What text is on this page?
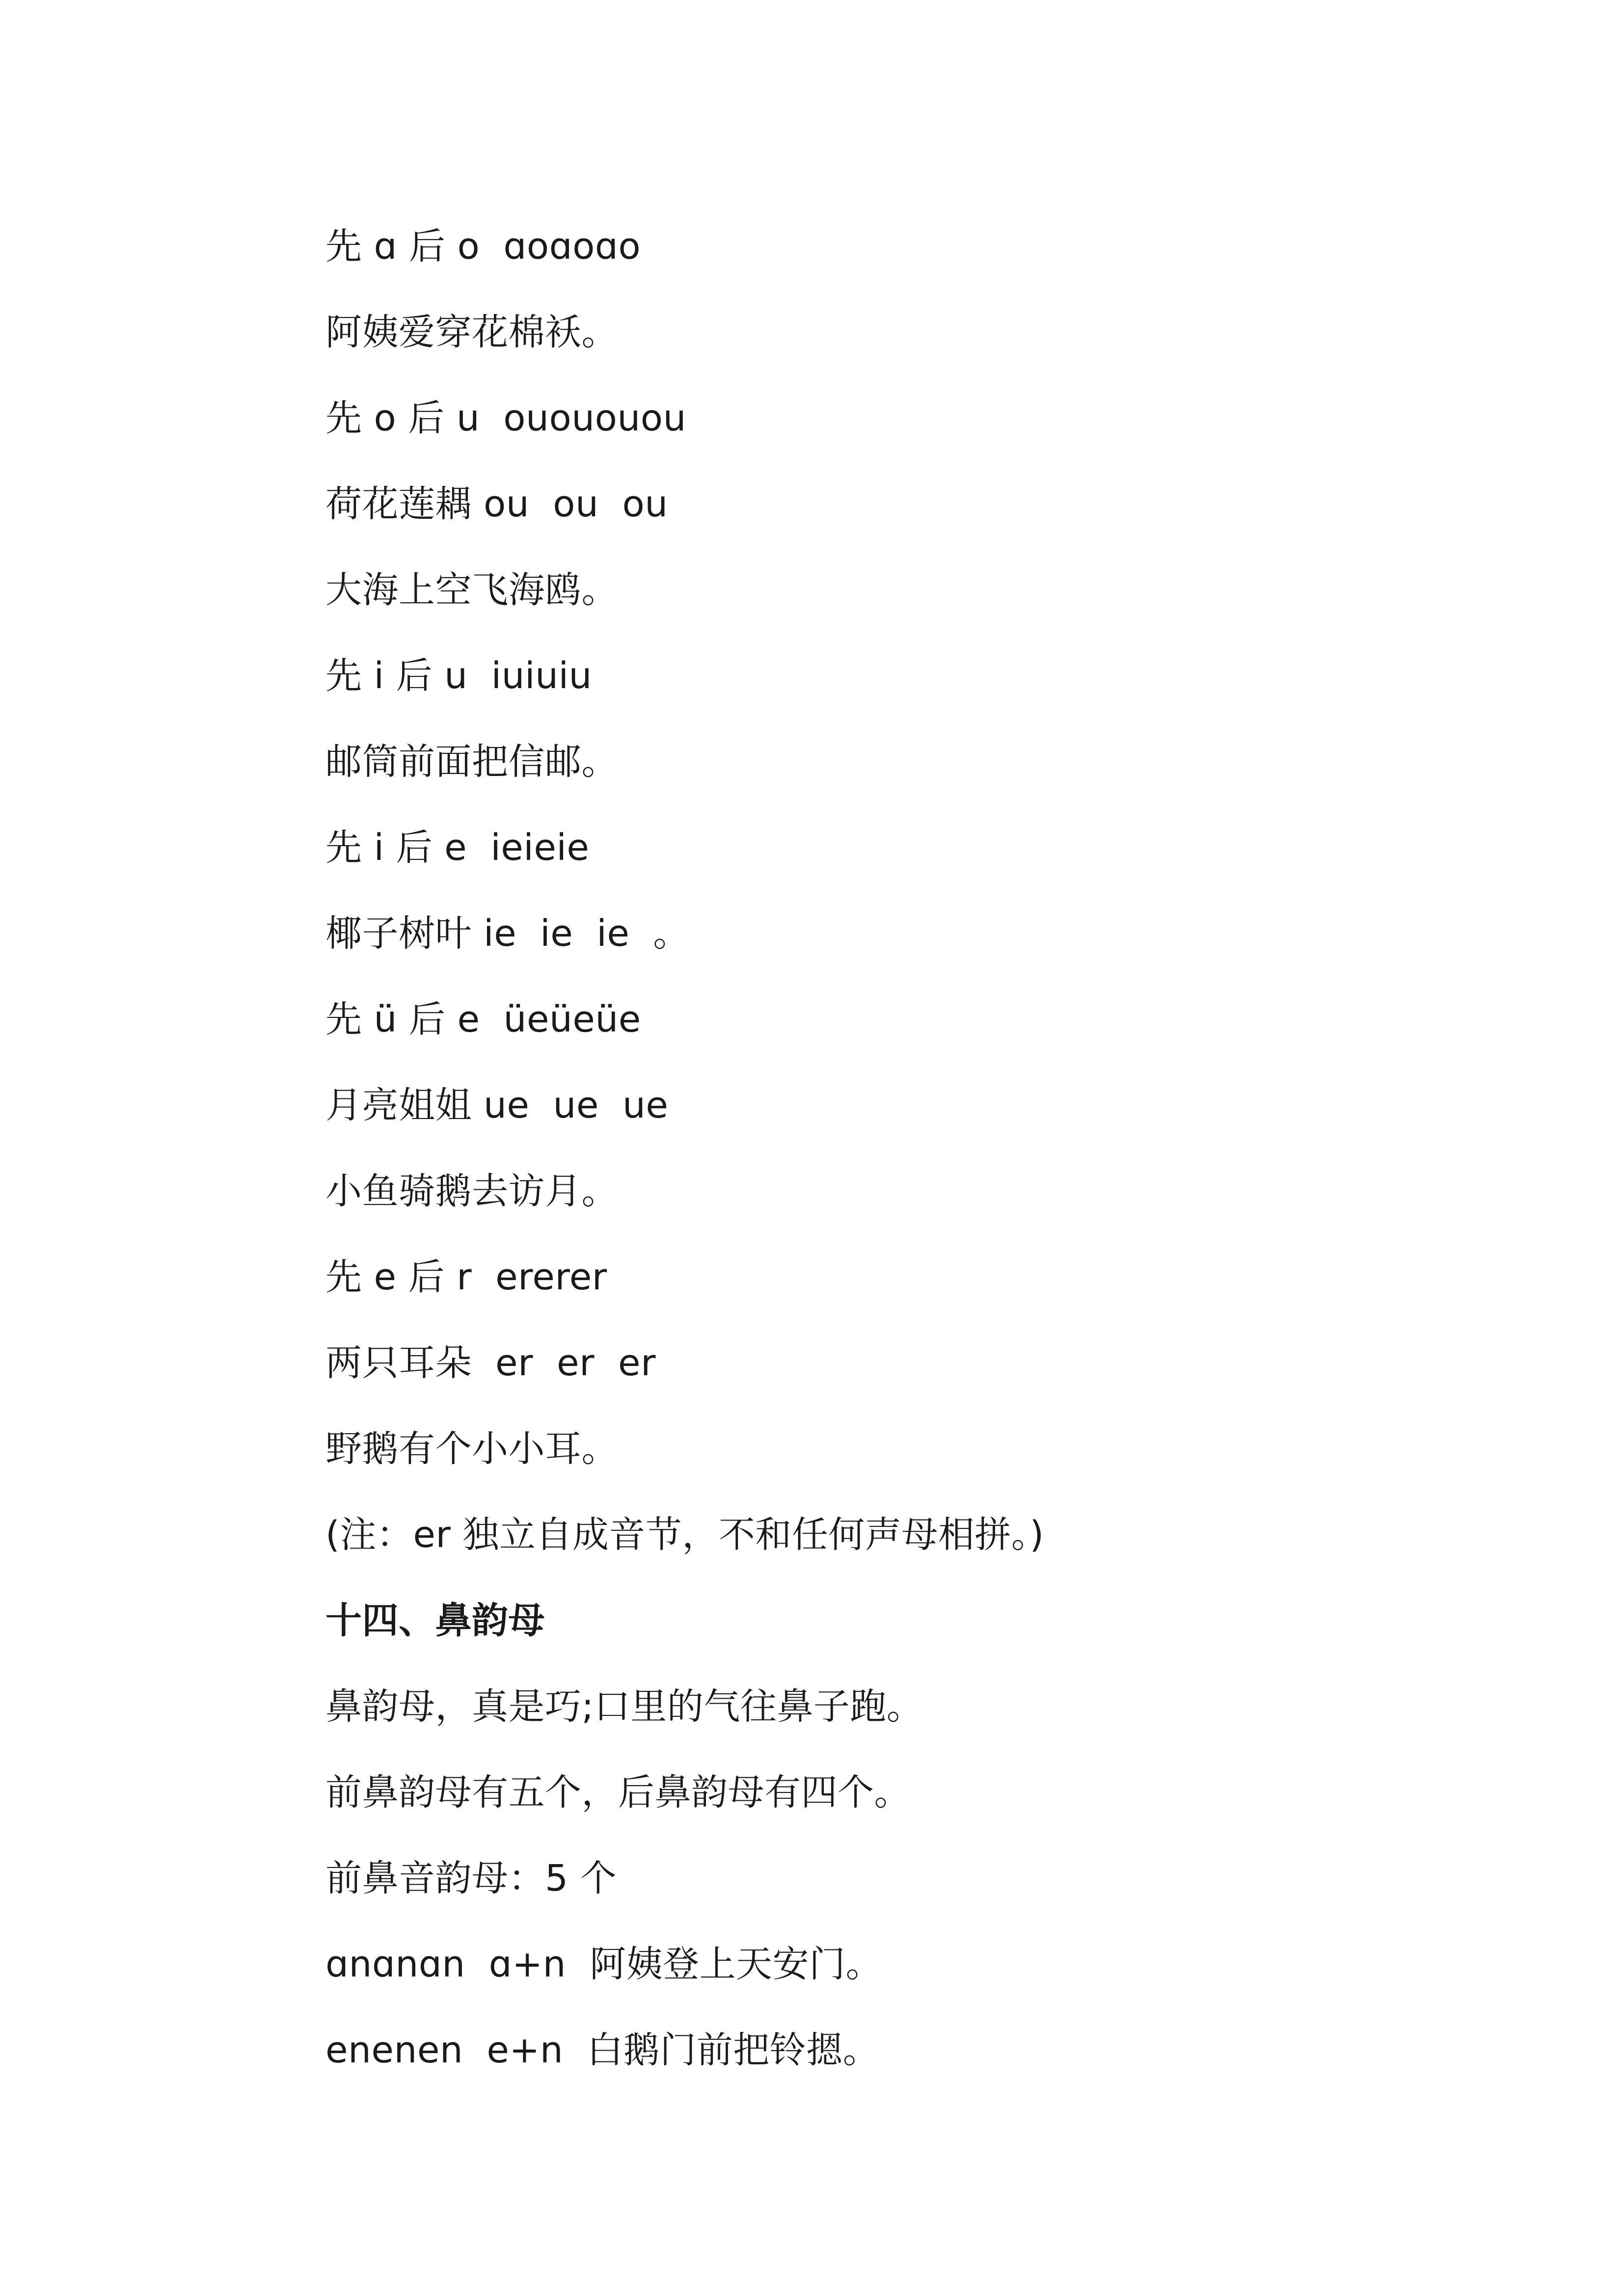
先 ɑ 后 o  ɑoɑoɑo
阿姨爱穿花棉袄。
先 o 后 u  ouououou
荷花莲耦 ou  ou  ou
大海上空飞海鸥。
先 i 后 u  iuiuiu
邮筒前面把信邮。
先 i 后 e  ieieie
椰子树叶 ie  ie  ie  。
先 ü 后 e  üeüeüe
月亮姐姐 ue  ue  ue
小鱼骑鹅去访月。
先 e 后 r  ererer
两只耳朵  er  er  er
野鹅有个小小耳。
(注：er 独立自成音节，不和任何声母相拼。)
十四、鼻韵母
鼻韵母，真是巧;口里的气往鼻子跑。
前鼻韵母有五个，后鼻韵母有四个。
前鼻音韵母：5 个
ɑnɑnɑn  ɑ+n  阿姨登上天安门。
enenen  e+n  白鹅门前把铃摁。
